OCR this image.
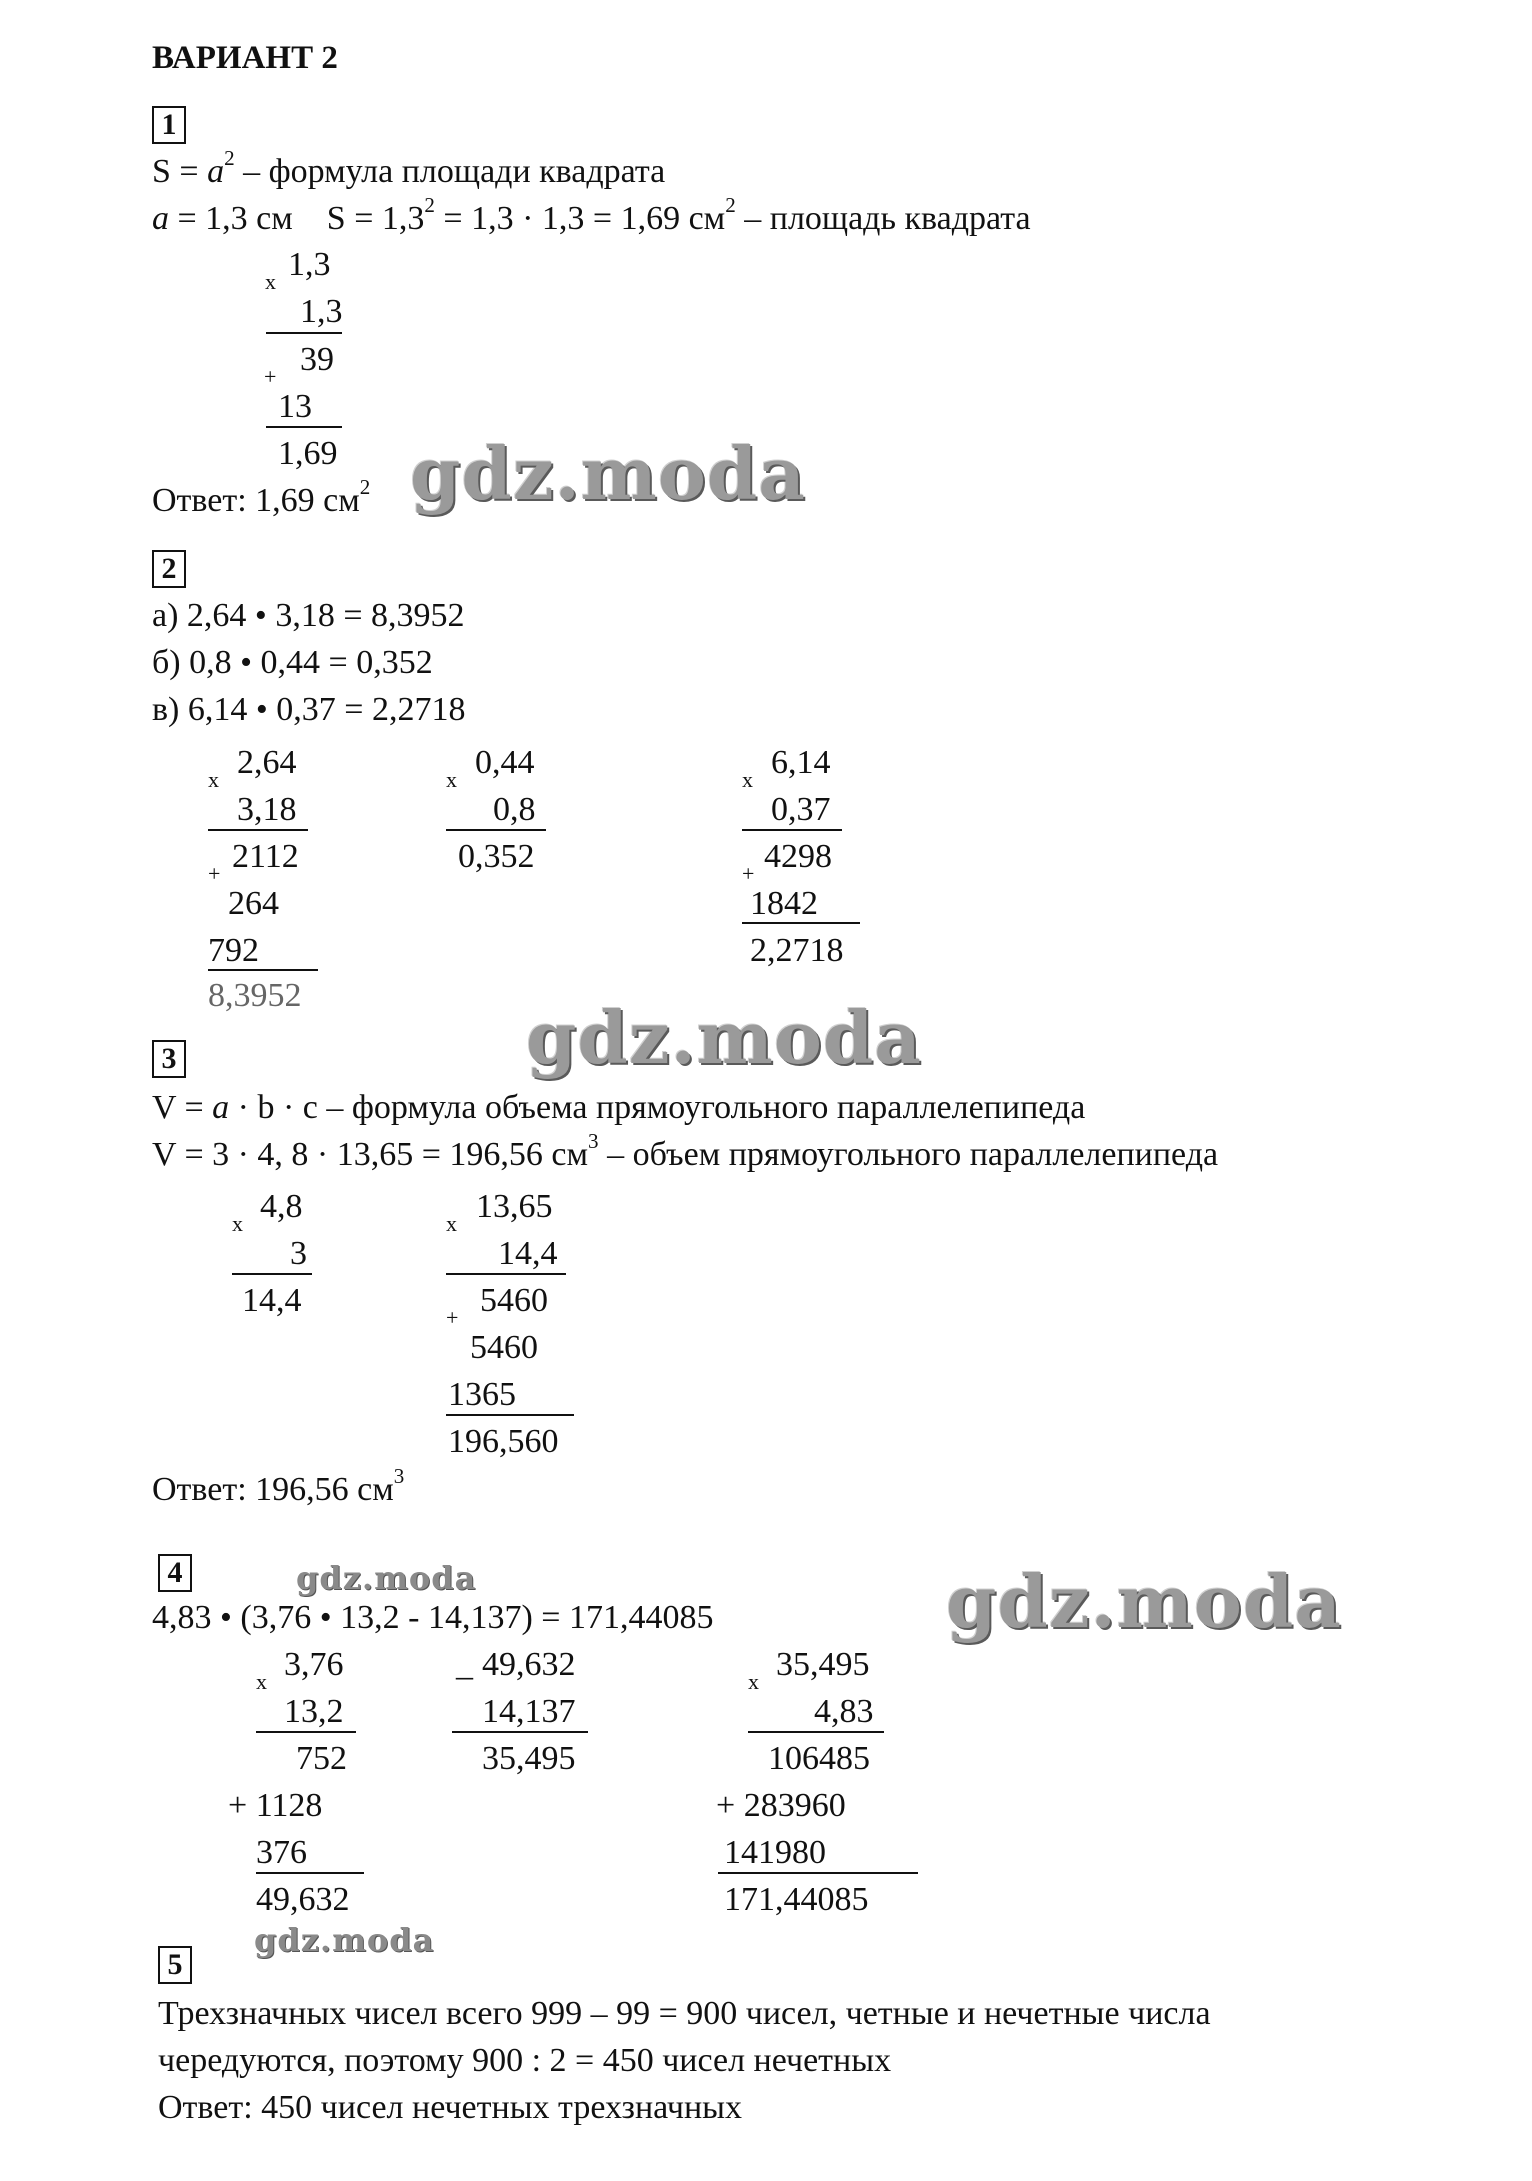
ВАРИАНТ 2
1
$S = a^2$ – формула площади квадрата
a = 1,3 см    $S = 1,3^2 = 1,3 \cdot 1,3 = 1,69$ $см^2$ – площадь квадрата
x 1,3
1,3
+ 39
13
1,69
Ответ: 1,69 $см^2$
2
а) 2,64 • 3,18 = 8,3952
б) 0,8 • 0,44 = 0,352
в) 6,14 • 0,37 = 2,2718
x 2,64
3,18
+ 2112
264
792
8,3952
x 0,44
0,8
0,352
x 6,14
0,37
+ 4298
1842
2,2718
3
V = a · b · c – формула объема прямоугольного параллелепипеда
V = 3 · 4, 8 · 13,65 = 196,56 $см^3$ – объем прямоугольного параллелепипеда
x 4,8
3
14,4
x 13,65
14,4
+ 5460
5460
1365
196,560
Ответ: 196,56 $см^3$
4
4,83 • (3,76 • 13,2 - 14,137) = 171,44085
x 3,76
13,2
752
+ 1128
376
49,632
_ 49,632
14,137
35,495
x 35,495
4,83
106485
+ 283960
141980
171,44085
5
Трехзначных чисел всего 999 – 99 = 900 чисел, четные и нечетные числа
чередуются, поэтому 900 : 2 = 450 чисел нечетных
Ответ: 450 чисел нечетных трехзначных
gdz.moda
gdz.moda
gdz.moda
gdz.moda
gdz.moda
